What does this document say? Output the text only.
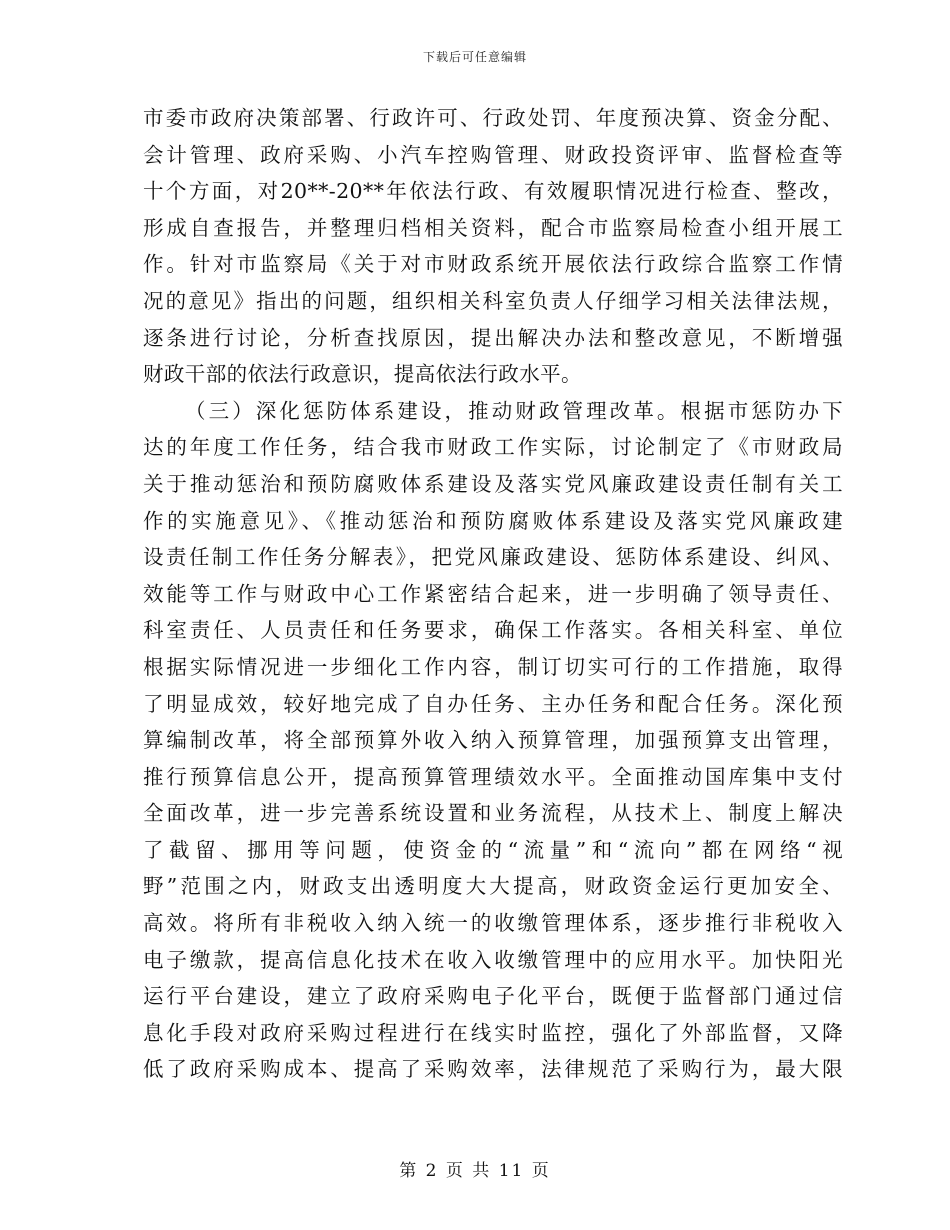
下载后可任意编辑
市委市政府决策部署、行政许可、行政处罚、年度预决算、资金分配、
会计管理、政府采购、小汽车控购管理、财政投资评审、监督检查等
十个方面，对20**-20**年依法行政、有效履职情况进行检查、整改，
形成自查报告，并整理归档相关资料，配合市监察局检查小组开展工
作。针对市监察局《关于对市财政系统开展依法行政综合监察工作情
况的意见》指出的问题，组织相关科室负责人仔细学习相关法律法规，
逐条进行讨论，分析查找原因，提出解决办法和整改意见，不断增强
财政干部的依法行政意识，提高依法行政水平。
（三）深化惩防体系建设，推动财政管理改革。根据市惩防办下
达的年度工作任务，结合我市财政工作实际，讨论制定了《市财政局
关于推动惩治和预防腐败体系建设及落实党风廉政建设责任制有关工
作的实施意见》、《推动惩治和预防腐败体系建设及落实党风廉政建
设责任制工作任务分解表》，把党风廉政建设、惩防体系建设、纠风、
效能等工作与财政中心工作紧密结合起来，进一步明确了领导责任、
科室责任、人员责任和任务要求，确保工作落实。各相关科室、单位
根据实际情况进一步细化工作内容，制订切实可行的工作措施，取得
了明显成效，较好地完成了自办任务、主办任务和配合任务。深化预
算编制改革，将全部预算外收入纳入预算管理，加强预算支出管理，
推行预算信息公开，提高预算管理绩效水平。全面推动国库集中支付
全面改革，进一步完善系统设置和业务流程，从技术上、制度上解决
了截留、挪用等问题，使资金的“流量”和“流向”都在网络“视
野”范围之内，财政支出透明度大大提高，财政资金运行更加安全、
高效。将所有非税收入纳入统一的收缴管理体系，逐步推行非税收入
电子缴款，提高信息化技术在收入收缴管理中的应用水平。加快阳光
运行平台建设，建立了政府采购电子化平台，既便于监督部门通过信
息化手段对政府采购过程进行在线实时监控，强化了外部监督，又降
低了政府采购成本、提高了采购效率，法律规范了采购行为，最大限
第 2 页 共 11 页
